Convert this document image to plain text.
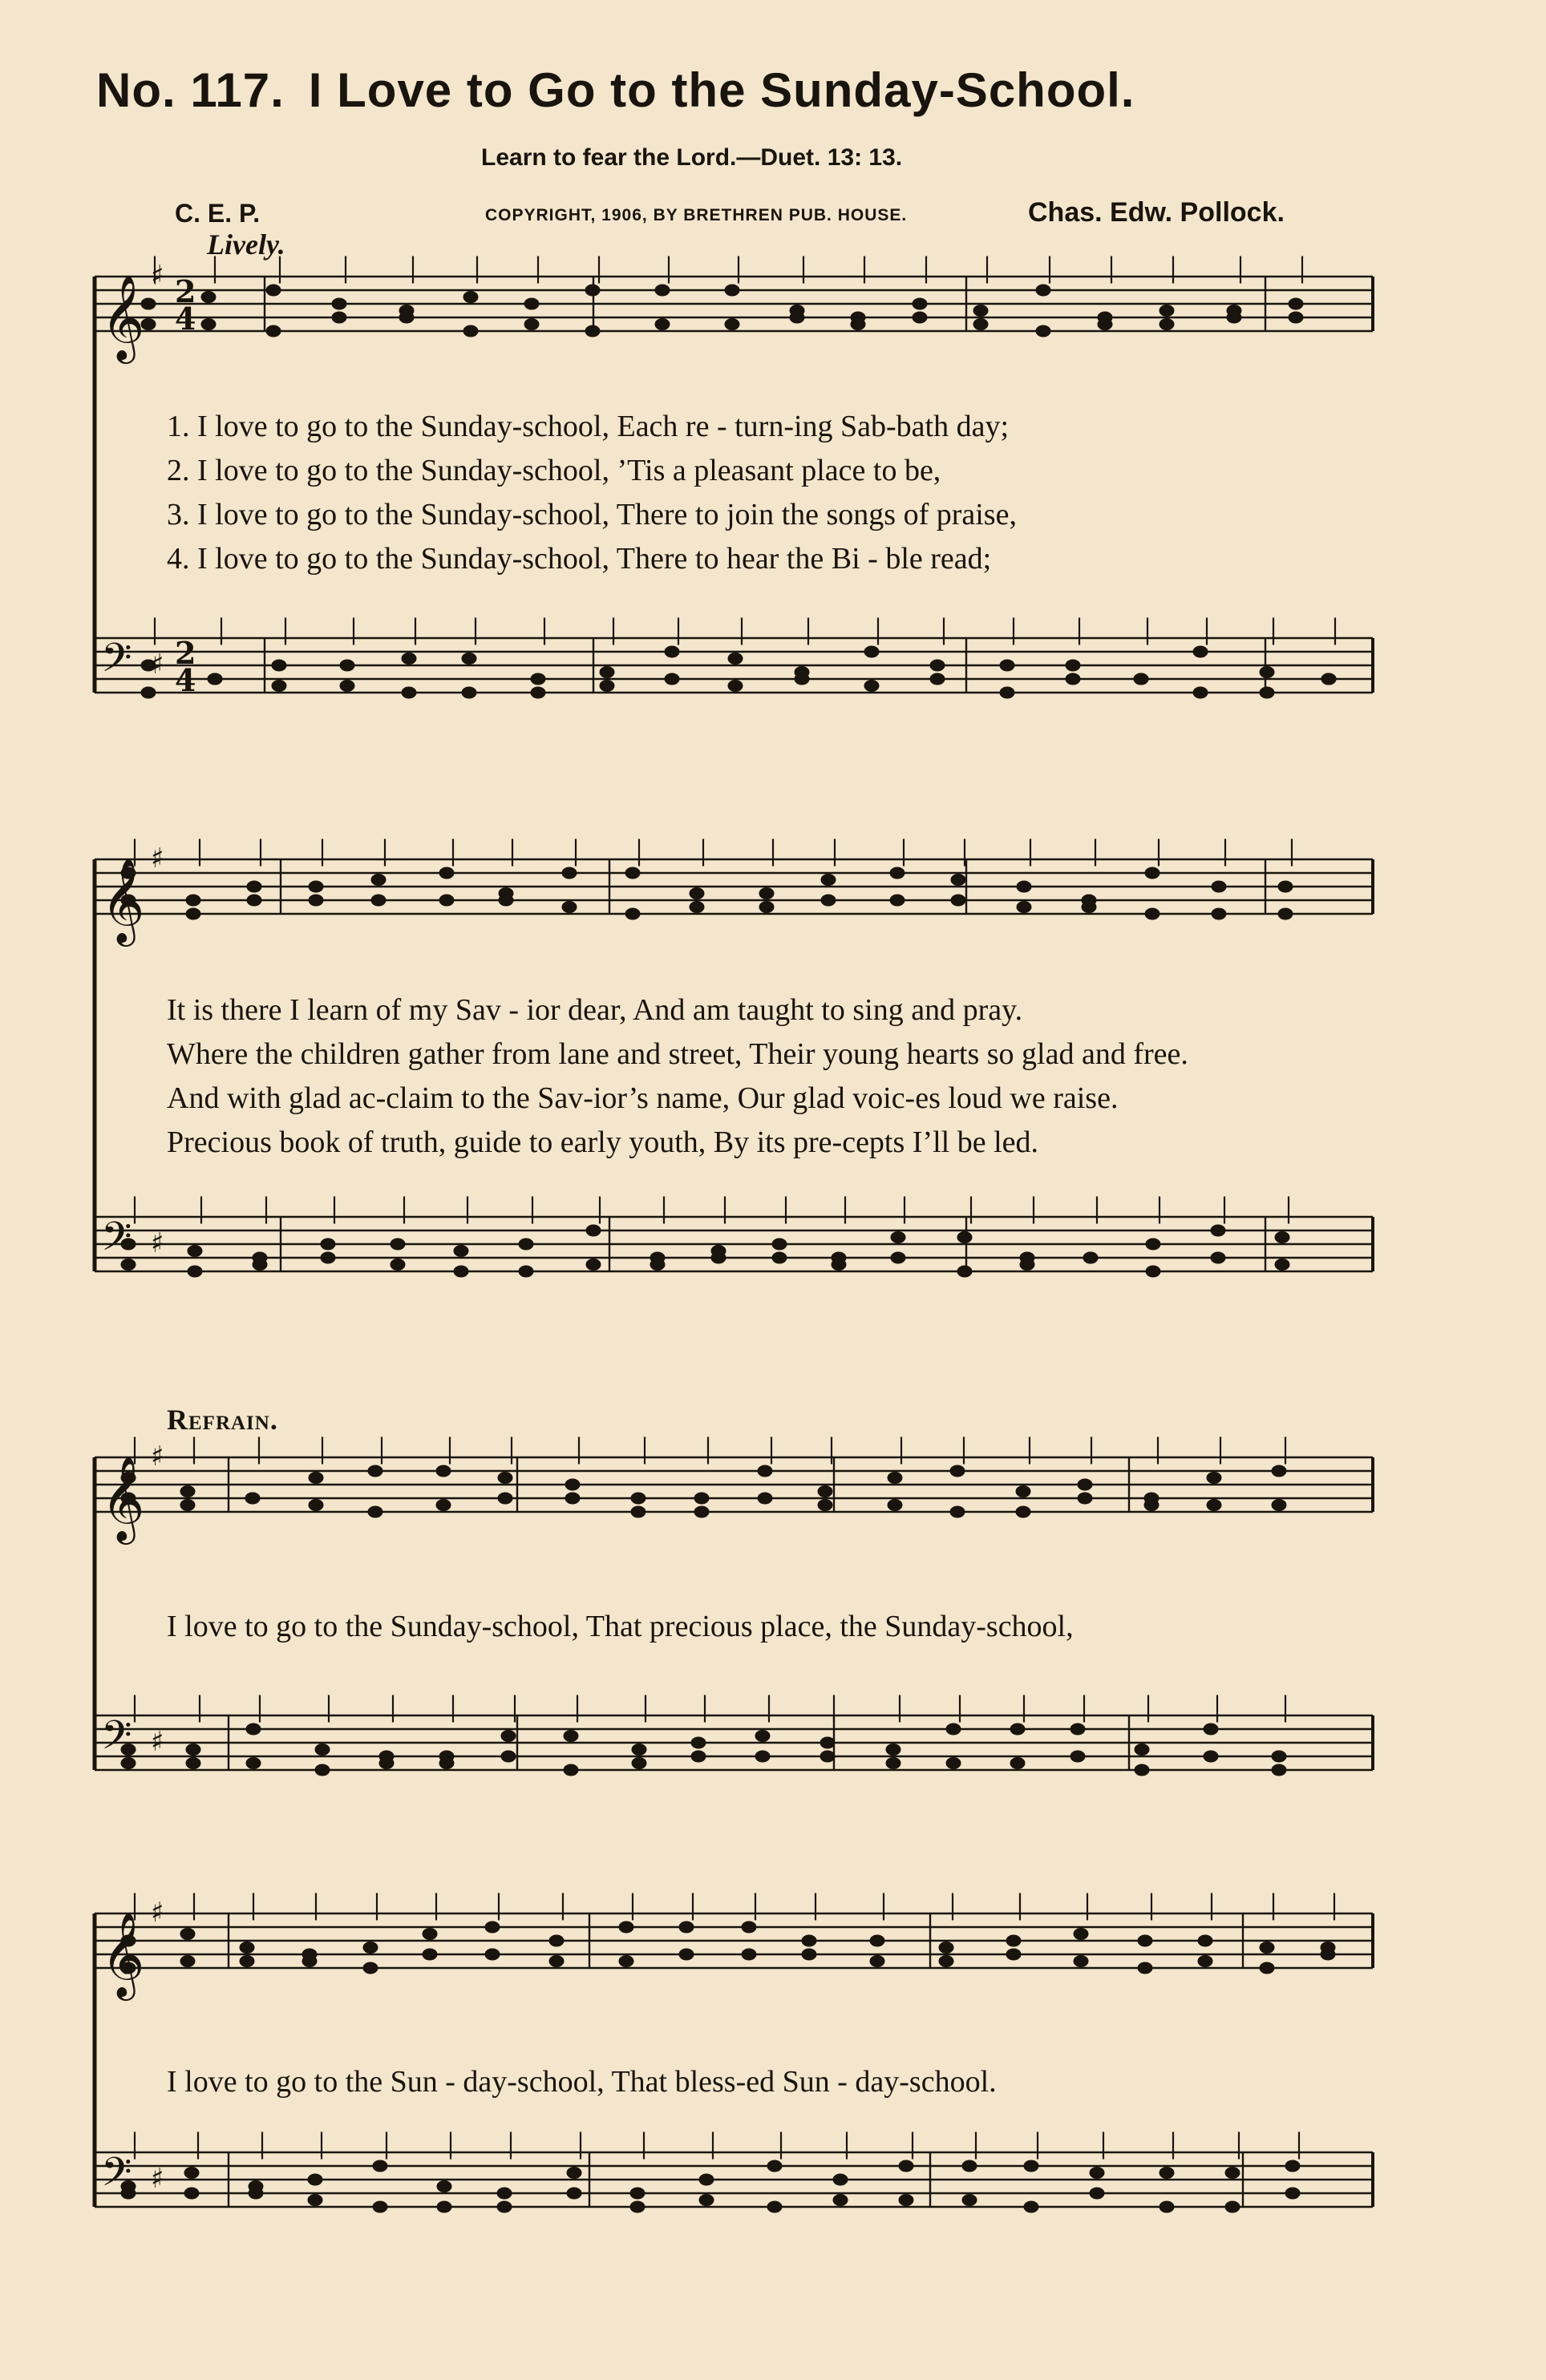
No. 117. I Love to Go to the Sunday-School.
Learn to fear the Lord.—Duet. 13: 13.
C. E. P.	COPYRIGHT, 1906, BY BRETHREN PUB. HOUSE.	Chas. Edw. Pollock.
Lively.
𝄞 ♯ 2
4
𝄢 ♯ 2
4
𝄞 ♯
𝄢 ♯
𝄞 ♯
𝄢 ♯
𝄞 ♯
𝄢 ♯
1. I love to go to the Sunday-school, Each re - turn-ing Sab-bath day;
2. I love to go to the Sunday-school, ’Tis a pleasant place to be,
3. I love to go to the Sunday-school, There to join the songs of praise,
4. I love to go to the Sunday-school, There to hear the Bi - ble read;
It is there I learn of my Sav - ior dear, And am taught to sing and pray.
Where the children gather from lane and street, Their young hearts so glad and free.
And with glad ac-claim to the Sav-ior’s name, Our glad voic-es loud we raise.
Precious book of truth, guide to early youth, By its pre-cepts I’ll be led.
Refrain.
I love to go to the Sunday-school, That precious place, the Sunday-school,
I love to go to the Sun - day-school, That bless-ed Sun - day-school.
